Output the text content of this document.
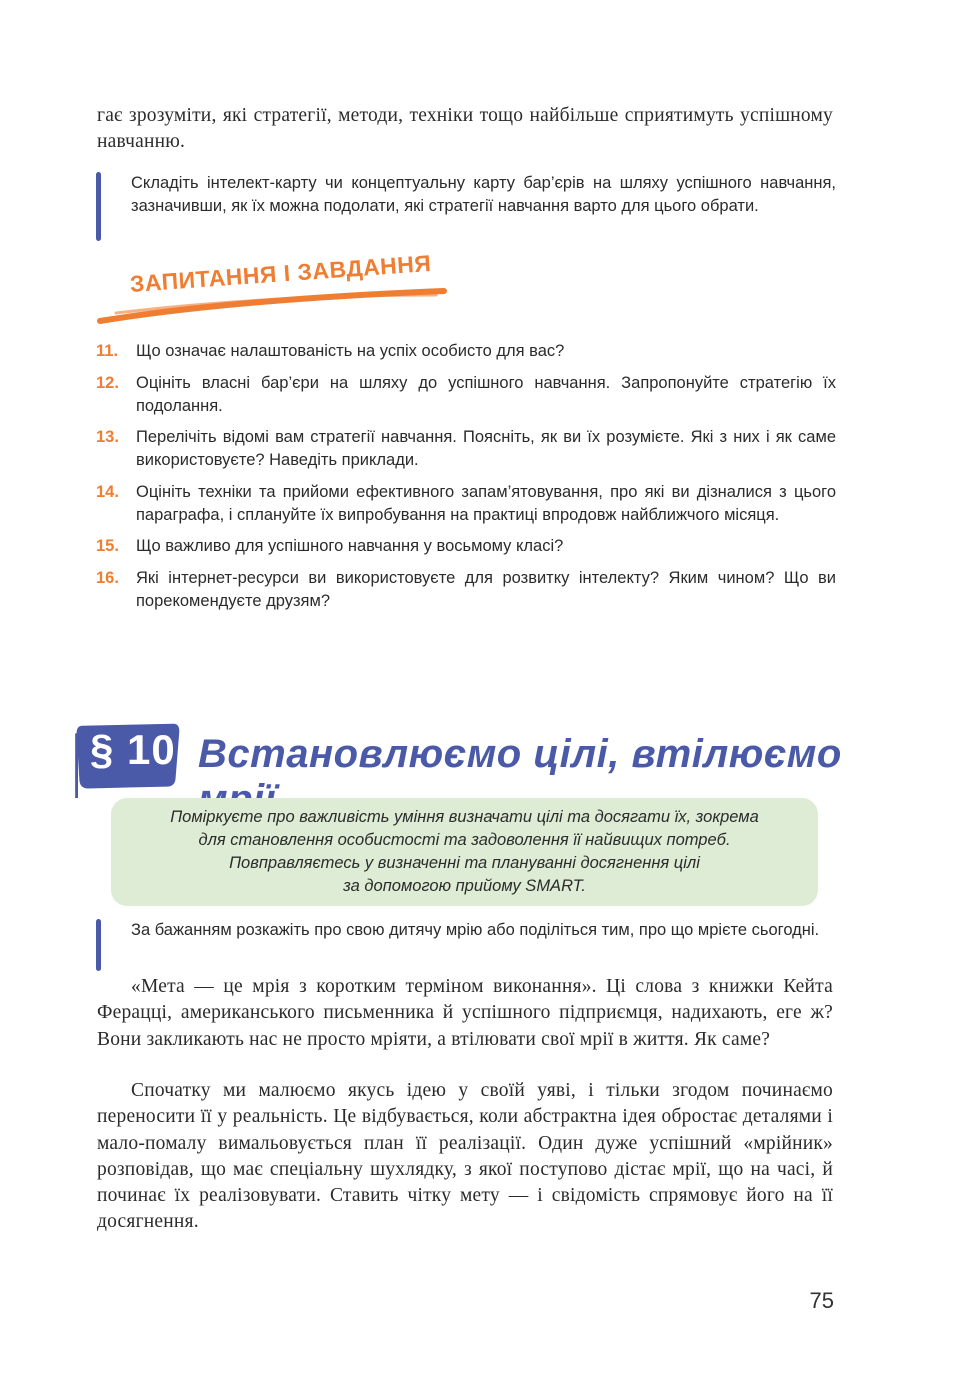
гає зрозуміти, які стратегії, методи, техніки тощо найбільше сприятимуть успішному навчанню.

Складіть інтелект-карту чи концептуальну карту бар’єрів на шляху успішного навчання, зазначивши, як їх можна подолати, які стратегії навчання варто для цього обрати.
ЗАПИТАННЯ І ЗАВДАННЯ
11. Що означає налаштованість на успіх особисто для вас?
12. Оцініть власні бар’єри на шляху до успішного навчання. Запропонуйте стратегію їх подолання.
13. Перелічіть відомі вам стратегії навчання. Поясніть, як ви їх розумієте. Які з них і як саме використовуєте? Наведіть приклади.
14. Оцініть техніки та прийоми ефективного запам’ятовування, про які ви дізналися з цього параграфа, і сплануйте їх випробування на практиці впродовж найближчого місяця.
15. Що важливо для успішного навчання у восьмому класі?
16. Які інтернет-ресурси ви використовуєте для розвитку інтелекту? Яким чином? Що ви порекомендуєте друзям?
§ 10 Встановлюємо цілі, втілюємо
Поміркуєте про важливість уміння визначати цілі та досягати їх, зокрема
для становлення особистості та задоволення її найвищих потреб.
Повправляєтесь у визначенні та плануванні досягнення цілі
за допомогою прийому SMART.
За бажанням розкажіть про свою дитячу мрію або поділіться тим, про що мрієте сьогодні.

«Мета — це мрія з коротким терміном виконання». Ці слова з книжки Кейта Ферацці, американського письменника й успішного підприємця, надихають, еге ж? Вони закликають нас не просто мріяти, а втілювати свої мрії в життя. Як саме?

Спочатку ми малюємо якусь ідею у своїй уяві, і тільки згодом починаємо переносити її у реальність. Це відбувається, коли абстрактна ідея обростає деталями і мало-помалу вимальовується план її реалізації. Один дуже успішний «мрійник» розповідав, що має спеціальну шухлядку, з якої поступово дістає мрії, що на часі, й починає їх реалізовувати. Ставить чітку мету — і свідомість спрямовує його на її досягнення.

75
